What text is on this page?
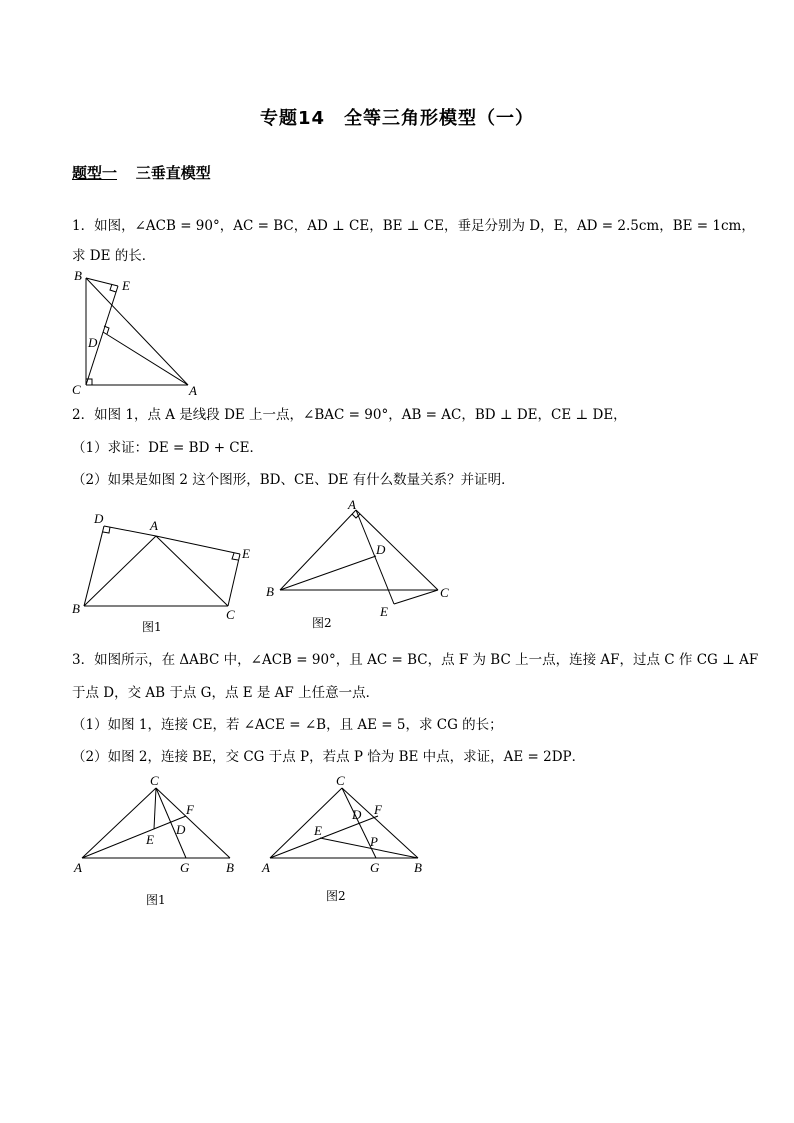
专题14　全等三角形模型（一）
题型一 三垂直模型
1．如图，∠ACB = 90°，AC = BC，AD ⊥ CE，BE ⊥ CE，垂足分别为 D，E，AD = 2.5cm，BE = 1cm，
求 DE 的长．
B
E
D
C	A
2．如图 1，点 A 是线段 DE 上一点，∠BAC = 90°，AB = AC，BD ⊥ DE，CE ⊥ DE，
（1）求证：DE = BD + CE．
（2）如果是如图 2 这个图形，BD、CE、DE 有什么数量关系？并证明．
D	A
E
B	C
图1
A
D
B	C
E
图2
3．如图所示，在 ΔABC 中，∠ACB = 90°，且 AC = BC，点 F 为 BC 上一点，连接 AF，过点 C 作 CG ⊥ AF
于点 D，交 AB 于点 G，点 E 是 AF 上任意一点．
（1）如图 1，连接 CE，若 ∠ACE = ∠B，且 AE = 5，求 CG 的长；
（2）如图 2，连接 BE，交 CG 于点 P，若点 P 恰为 BE 中点，求证，AE = 2DP．
C
F
D
E
A	G	B
图1
C
D F
E
P
A	G	B
图2
